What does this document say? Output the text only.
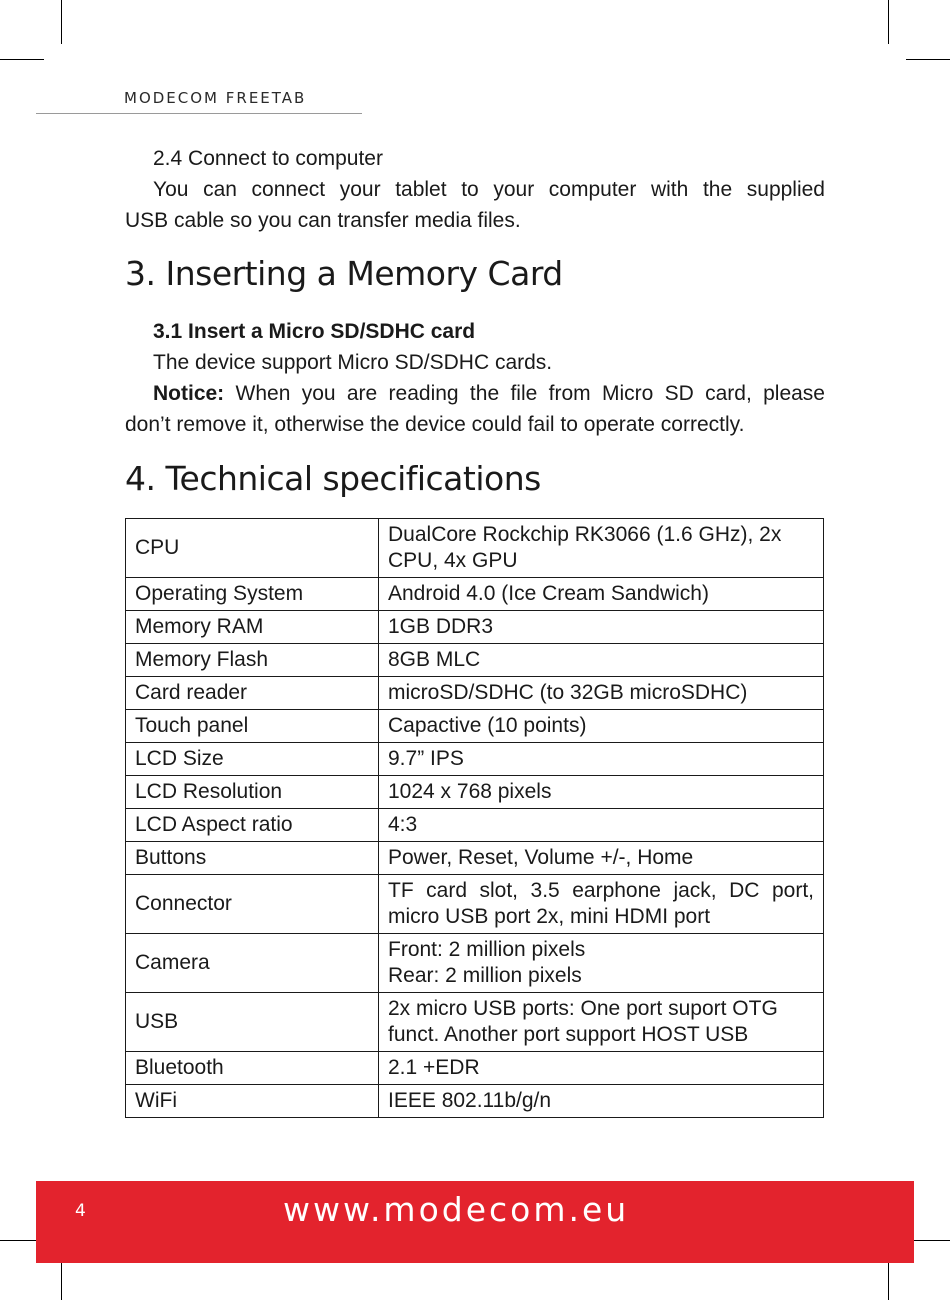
MODECOM FREETAB

2.4 Connect to computer

You can connect your tablet to your computer with the supplied

USB cable so you can transfer media files.

3. Inserting a Memory Card

3.1 Insert a Micro SD/SDHC card

The device support Micro SD/SDHC cards.

Notice: When you are reading the file from Micro SD card, please

don’t remove it, otherwise the device could fail to operate correctly.

4. Technical specifications
CPU	DualCore Rockchip RK3066 (1.6 GHz), 2x CPU, 4x GPU
Operating System	Android 4.0 (Ice Cream Sandwich)
Memory RAM	1GB DDR3
Memory Flash	8GB MLC
Card reader	microSD/SDHC (to 32GB microSDHC)
Touch panel	Capactive (10 points)
LCD Size	9.7” IPS
LCD Resolution	1024 x 768 pixels
LCD Aspect ratio	4:3
Buttons	Power, Reset, Volume +/-, Home
Connector	TF card slot, 3.5 earphone jack, DC port, micro USB port 2x, mini HDMI port
Camera	Front: 2 million pixels
Rear: 2 million pixels

USB	2x micro USB ports: One port suport OTG funct. Another port support HOST USB
Bluetooth	2.1 +EDR
WiFi	IEEE 802.11b/g/n
4	www.modecom.eu
